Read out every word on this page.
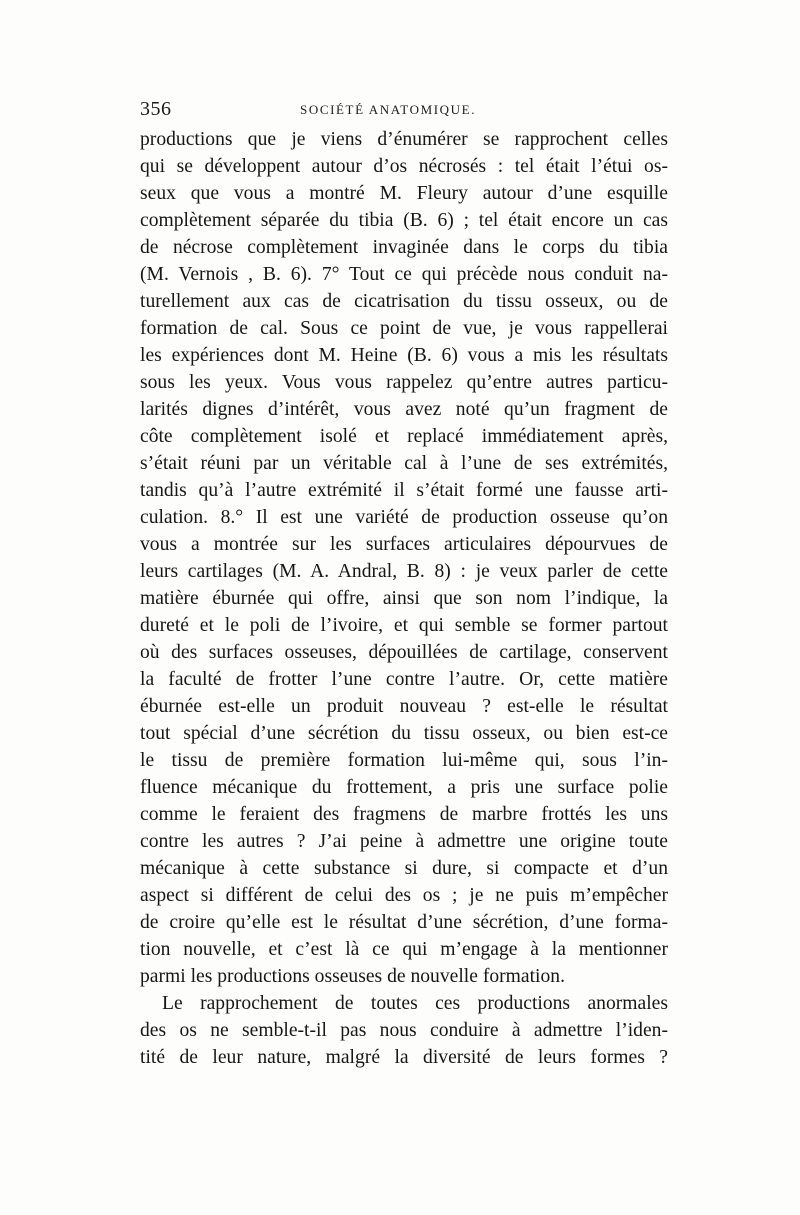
356	SOCIÉTÉ ANATOMIQUE.
productions que je viens d’énumérer se rapprochent celles
qui se développent autour d’os nécrosés : tel était l’étui os-
seux que vous a montré M. Fleury autour d’une esquille
complètement séparée du tibia (B. 6) ; tel était encore un cas
de nécrose complètement invaginée dans le corps du tibia
(M. Vernois , B. 6). 7° Tout ce qui précède nous conduit na-
turellement aux cas de cicatrisation du tissu osseux, ou de
formation de cal. Sous ce point de vue, je vous rappellerai
les expériences dont M. Heine (B. 6) vous a mis les résultats
sous les yeux. Vous vous rappelez qu’entre autres particu-
larités dignes d’intérêt, vous avez noté qu’un fragment de
côte complètement isolé et replacé immédiatement après,
s’était réuni par un véritable cal à l’une de ses extrémités,
tandis qu’à l’autre extrémité il s’était formé une fausse arti-
culation. 8.° Il est une variété de production osseuse qu’on
vous a montrée sur les surfaces articulaires dépourvues de
leurs cartilages (M. A. Andral, B. 8) : je veux parler de cette
matière éburnée qui offre, ainsi que son nom l’indique, la
dureté et le poli de l’ivoire, et qui semble se former partout
où des surfaces osseuses, dépouillées de cartilage, conservent
la faculté de frotter l’une contre l’autre. Or, cette matière
éburnée est-elle un produit nouveau ? est-elle le résultat
tout spécial d’une sécrétion du tissu osseux, ou bien est-ce
le tissu de première formation lui-même qui, sous l’in-
fluence mécanique du frottement, a pris une surface polie
comme le feraient des fragmens de marbre frottés les uns
contre les autres ? J’ai peine à admettre une origine toute
mécanique à cette substance si dure, si compacte et d’un
aspect si différent de celui des os ; je ne puis m’empêcher
de croire qu’elle est le résultat d’une sécrétion, d’une forma-
tion nouvelle, et c’est là ce qui m’engage à la mentionner
parmi les productions osseuses de nouvelle formation.
Le rapprochement de toutes ces productions anormales
des os ne semble-t-il pas nous conduire à admettre l’iden-
tité de leur nature, malgré la diversité de leurs formes ?
